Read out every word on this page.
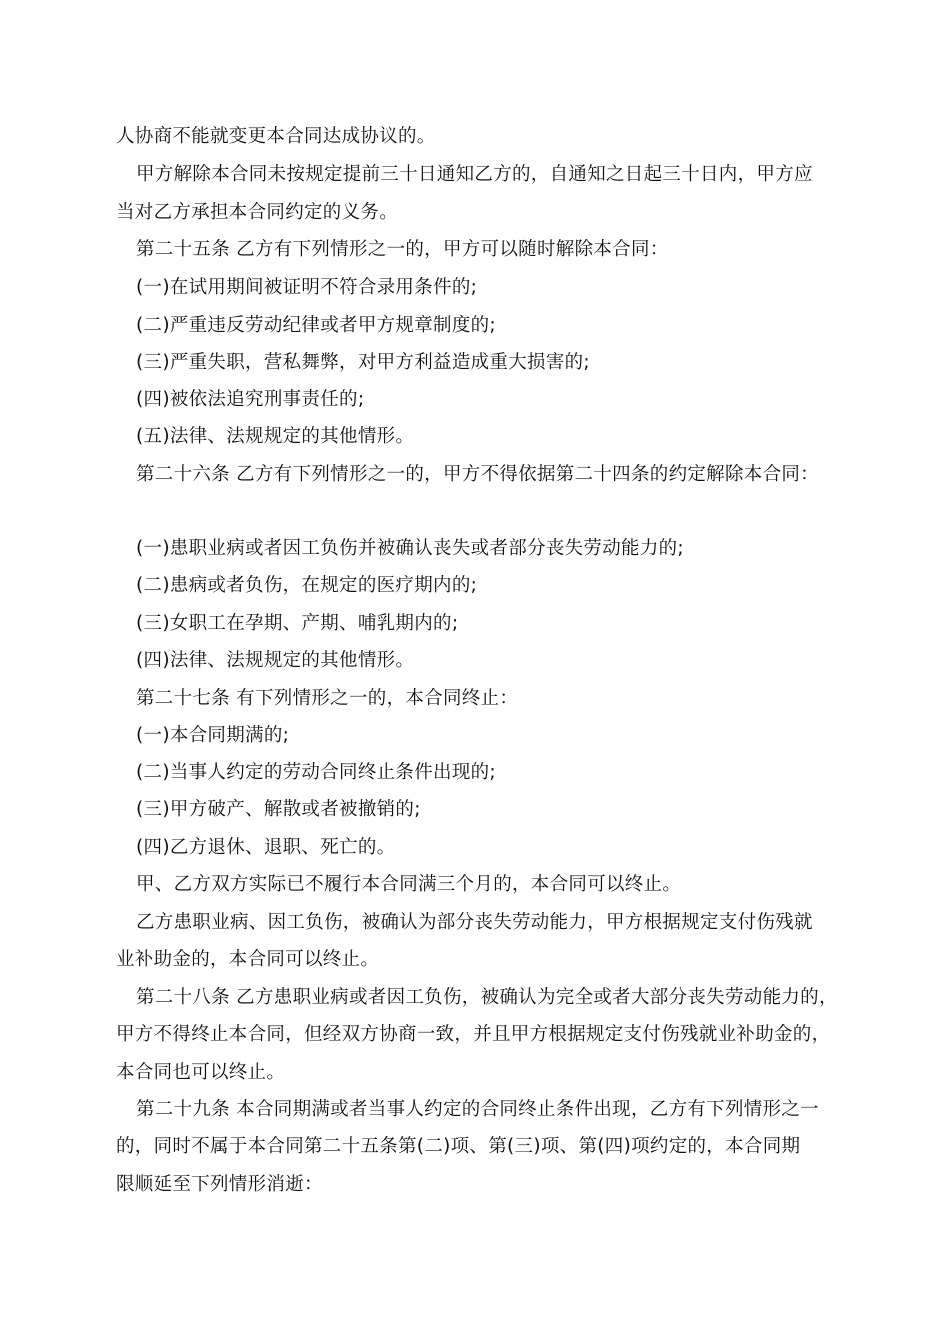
人协商不能就变更本合同达成协议的。
甲方解除本合同未按规定提前三十日通知乙方的，自通知之日起三十日内，甲方应
当对乙方承担本合同约定的义务。
第二十五条 乙方有下列情形之一的，甲方可以随时解除本合同：
(一)在试用期间被证明不符合录用条件的;
(二)严重违反劳动纪律或者甲方规章制度的;
(三)严重失职，营私舞弊，对甲方利益造成重大损害的;
(四)被依法追究刑事责任的;
(五)法律、法规规定的其他情形。
第二十六条 乙方有下列情形之一的，甲方不得依据第二十四条的约定解除本合同：
(一)患职业病或者因工负伤并被确认丧失或者部分丧失劳动能力的;
(二)患病或者负伤，在规定的医疗期内的;
(三)女职工在孕期、产期、哺乳期内的;
(四)法律、法规规定的其他情形。
第二十七条 有下列情形之一的，本合同终止：
(一)本合同期满的;
(二)当事人约定的劳动合同终止条件出现的;
(三)甲方破产、解散或者被撤销的;
(四)乙方退休、退职、死亡的。
甲、乙方双方实际已不履行本合同满三个月的，本合同可以终止。
乙方患职业病、因工负伤，被确认为部分丧失劳动能力，甲方根据规定支付伤残就
业补助金的，本合同可以终止。
第二十八条 乙方患职业病或者因工负伤，被确认为完全或者大部分丧失劳动能力的，
甲方不得终止本合同，但经双方协商一致，并且甲方根据规定支付伤残就业补助金的，
本合同也可以终止。
第二十九条 本合同期满或者当事人约定的合同终止条件出现，乙方有下列情形之一
的，同时不属于本合同第二十五条第(二)项、第(三)项、第(四)项约定的，本合同期
限顺延至下列情形消逝：
